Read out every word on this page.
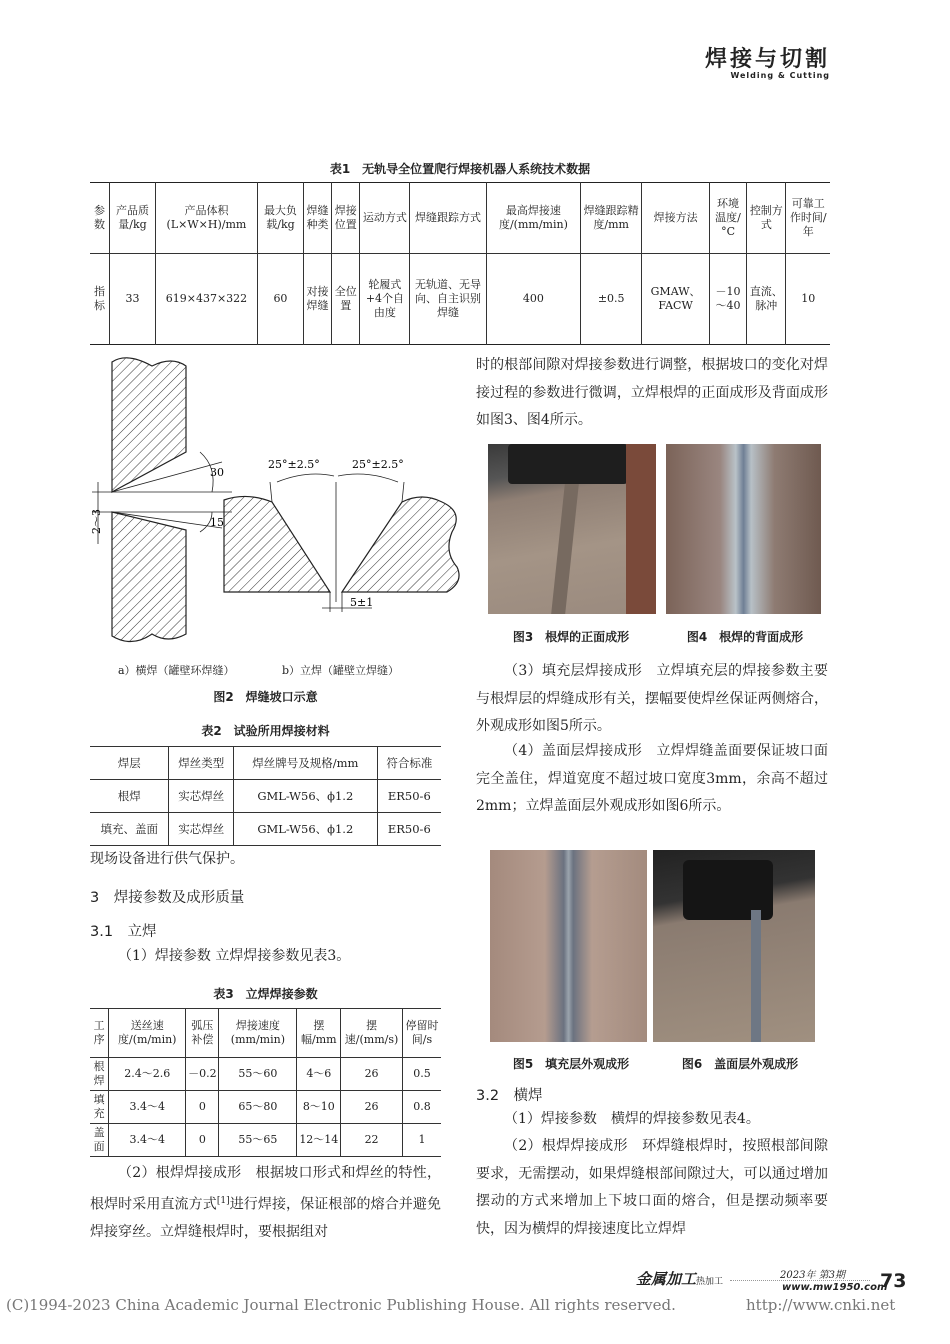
焊接与切割
Welding & Cutting
表1　无轨导全位置爬行焊接机器人系统技术数据
参数	产品质量/kg	产品体积(L×W×H)/mm	最大负载/kg	焊缝种类	焊接位置	运动方式	焊缝跟踪方式	最高焊接速度/(mm/min)	焊缝跟踪精度/mm	焊接方法	环境温度/°C	控制方式	可靠工作时间/年
指标	33	619×437×322	60	对接焊缝	全位置	轮履式+4个自由度	无轨道、无导向、自主识别焊缝	400	±0.5	GMAW、FACW	－10～40	直流、脉冲	10
2～3
30
15
25°±2.5°	25°±2.5°
5±1
a）横焊（罐壁环焊缝）	b）立焊（罐壁立焊缝）
图2　焊缝坡口示意
表2　试验所用焊接材料
焊层	焊丝类型	焊丝牌号及规格/mm	符合标准
根焊	实芯焊丝	GML-W56、ϕ1.2	ER50-6
填充、盖面	实芯焊丝	GML-W56、ϕ1.2	ER50-6

现场设备进行供气保护。

3　焊接参数及成形质量
3.1　立焊
（1）焊接参数 立焊焊接参数见表3。
表3　立焊焊接参数
工序	送丝速度/(m/min)	弧压补偿	焊接速度(mm/min)	摆幅/mm	摆速/(mm/s)	停留时间/s
根焊	2.4～2.6	－0.2	55～60	4～6	26	0.5
填充	3.4～4	0	65～80	8～10	26	0.8
盖面	3.4～4	0	55～65	12～14	22	1
（2）根焊焊接成形　根据坡口形式和焊丝的特性，根焊时采用直流方式[1]进行焊接，保证根部的熔合并避免焊接穿丝。立焊缝根焊时，要根据组对
时的根部间隙对焊接参数进行调整，根据坡口的变化对焊接过程的参数进行微调，立焊根焊的正面成形及背面成形如图3、图4所示。
图3　根焊的正面成形	图4　根焊的背面成形
（3）填充层焊接成形　立焊填充层的焊接参数主要与根焊层的焊缝成形有关，摆幅要使焊丝保证两侧熔合，外观成形如图5所示。
（4）盖面层焊接成形　立焊焊缝盖面要保证坡口面完全盖住，焊道宽度不超过坡口宽度3mm，余高不超过2mm；立焊盖面层外观成形如图6所示。
图5　填充层外观成形	图6　盖面层外观成形
3.2　横焊
（1）焊接参数　横焊的焊接参数见表4。
（2）根焊焊接成形　环焊缝根焊时，按照根部间隙要求，无需摆动，如果焊缝根部间隙过大，可以通过增加摆动的方式来增加上下坡口面的熔合，但是摆动频率要快，因为横焊的焊接速度比立焊焊
金属加工热加工
2023年 第3期
www.mw1950.com
73
(C)1994-2023 China Academic Journal Electronic Publishing House. All rights reserved.	http://www.cnki.net
